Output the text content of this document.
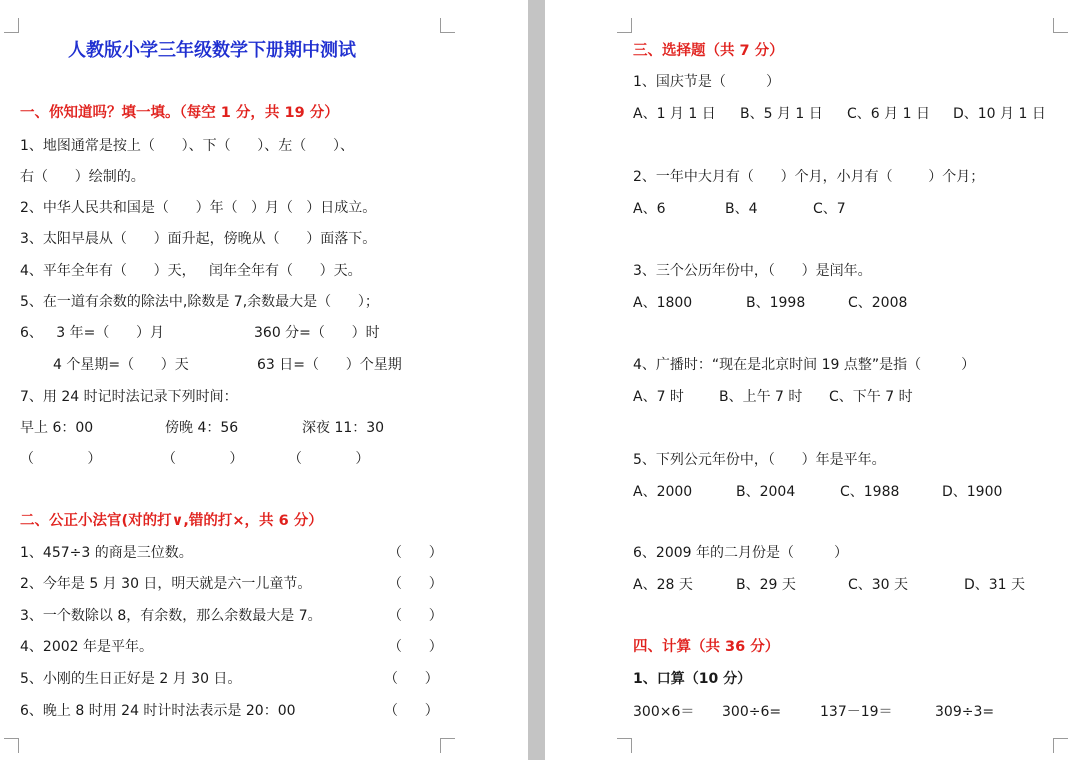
人教版小学三年级数学下册期中测试
一、你知道吗？填一填。（每空 1 分，共 19 分）
1、地图通常是按上（      ）、下（      ）、左（      ）、
右（      ）绘制的。
2、中华人民共和国是（      ）年（   ）月（   ）日成立。
3、太阳早晨从（      ）面升起，傍晚从（      ）面落下。
4、平年全年有（      ）天，   闰年全年有（      ）天。
5、在一道有余数的除法中,除数是 7,余数最大是（      ）；
6、   3 年=（      ）月	360 分=（      ）时
4 个星期=（      ）天	63 日=（      ）个星期
7、用 24 时记时法记录下列时间：
早上 6：00	傍晚 4：56	深夜 11：30
（            ）	（            ）	（            ）
二、公正小法官(对的打∨,错的打×，共 6 分）
1、457÷3 的商是三位数。	（      ）
2、今年是 5 月 30 日，明天就是六一儿童节。	（      ）
3、一个数除以 8，有余数，那么余数最大是 7。	（      ）
4、2002 年是平年。	（      ）
5、小刚的生日正好是 2 月 30 日。	（      ）
6、晚上 8 时用 24 时计时法表示是 20：00	（      ）
三、选择题（共 7 分）
1、国庆节是（         ）
A、1 月 1 日 B、5 月 1 日 C、6 月 1 日 D、10 月 1 日
2、一年中大月有（      ）个月，小月有（        ）个月；
A、6	B、4	C、7
3、三个公历年份中，（      ）是闰年。
A、1800	B、1998	C、2008
4、广播时：“现在是北京时间 19 点整”是指（         ）
A、7 时	B、上午 7 时 C、下午 7 时
5、下列公元年份中，（      ）年是平年。
A、2000	B、2004	C、1988	D、1900
6、2009 年的二月份是（         ）
A、28 天	B、29 天	C、30 天	D、31 天
四、计算（共 36 分）
1、口算（10 分）
300×6＝ 300÷6=	137－19＝	309÷3=
